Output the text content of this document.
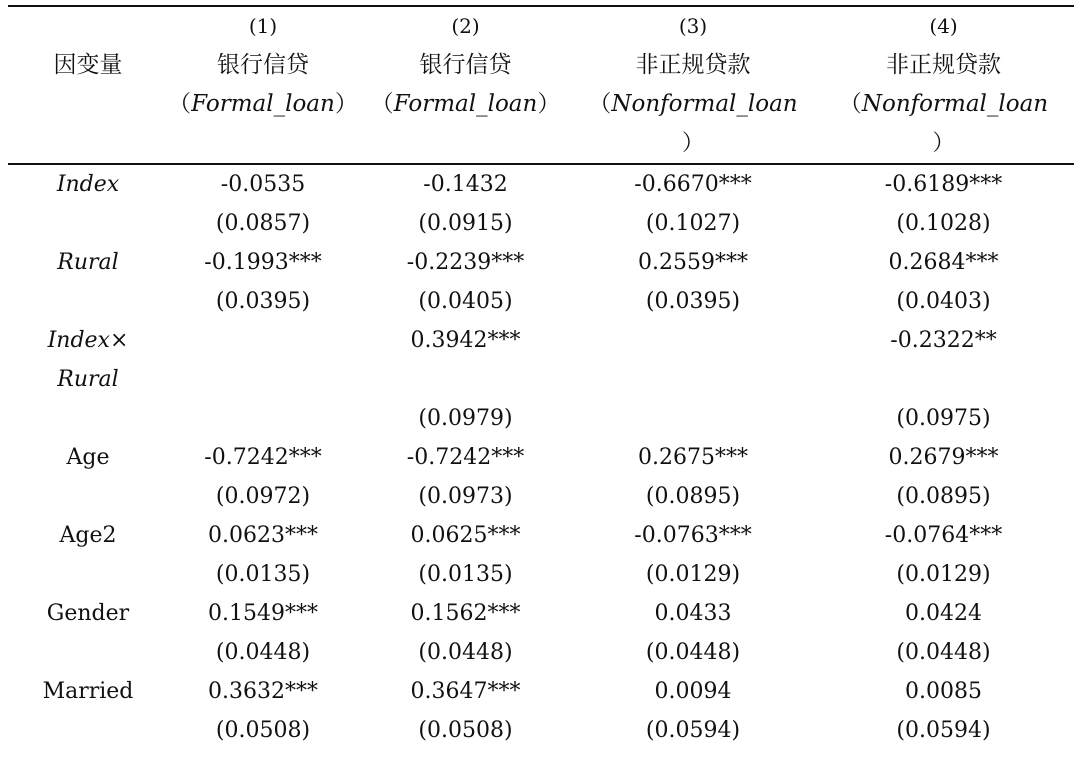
	(1)	(2)	(3)	(4)
因变量	银行信贷	银行信贷	非正规贷款	非正规贷款
	（Formal_loan）	（Formal_loan）	（Nonformal_loan	（Nonformal_loan
			）	）
Index	-0.0535	-0.1432	-0.6670***	-0.6189***
	(0.0857)	(0.0915)	(0.1027)	(0.1028)
Rural	-0.1993***	-0.2239***	0.2559***	0.2684***
	(0.0395)	(0.0405)	(0.0395)	(0.0403)
Index×		0.3942***		-0.2322**
Rural				
		(0.0979)		(0.0975)
Age	-0.7242***	-0.7242***	0.2675***	0.2679***
	(0.0972)	(0.0973)	(0.0895)	(0.0895)
Age2	0.0623***	0.0625***	-0.0763***	-0.0764***
	(0.0135)	(0.0135)	(0.0129)	(0.0129)
Gender	0.1549***	0.1562***	0.0433	0.0424
	(0.0448)	(0.0448)	(0.0448)	(0.0448)
Married	0.3632***	0.3647***	0.0094	0.0085
	(0.0508)	(0.0508)	(0.0594)	(0.0594)
